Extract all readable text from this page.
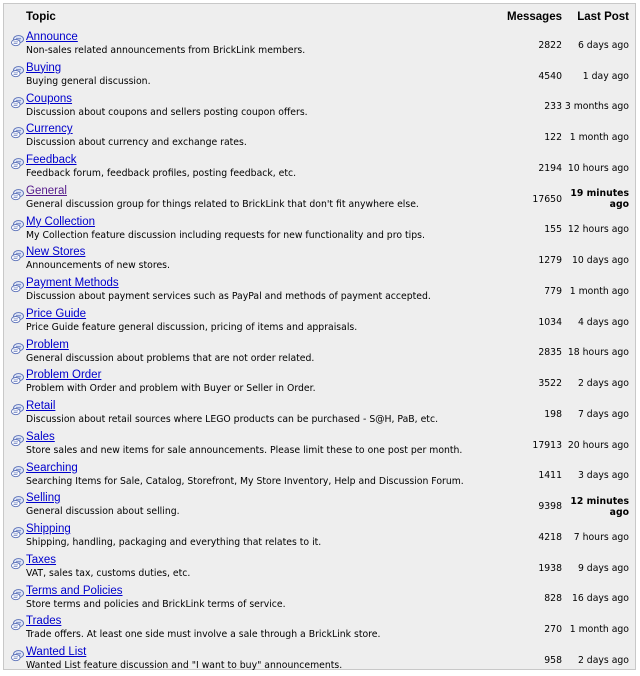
Topic	Messages	Last Post

Announce
Non-sales related announcements from BrickLink members.	2822	6 days ago

Buying
Buying general discussion.	4540	1 day ago

Coupons
Discussion about coupons and sellers posting coupon offers.	233	3 months ago

Currency
Discussion about currency and exchange rates.	122	1 month ago

Feedback
Feedback forum, feedback profiles, posting feedback, etc.	2194	10 hours ago

General
General discussion group for things related to BrickLink that don't fit anywhere else.	17650	19 minutes ago

My Collection
My Collection feature discussion including requests for new functionality and pro tips.	155	12 hours ago

New Stores
Announcements of new stores.	1279	10 days ago

Payment Methods
Discussion about payment services such as PayPal and methods of payment accepted.	779	1 month ago

Price Guide
Price Guide feature general discussion, pricing of items and appraisals.	1034	4 days ago

Problem
General discussion about problems that are not order related.	2835	18 hours ago

Problem Order
Problem with Order and problem with Buyer or Seller in Order.	3522	2 days ago

Retail
Discussion about retail sources where LEGO products can be purchased - S@H, PaB, etc.	198	7 days ago

Sales
Store sales and new items for sale announcements. Please limit these to one post per month.	17913	20 hours ago

Searching
Searching Items for Sale, Catalog, Storefront, My Store Inventory, Help and Discussion Forum.	1411	3 days ago

Selling
General discussion about selling.	9398	12 minutes ago

Shipping
Shipping, handling, packaging and everything that relates to it.	4218	7 hours ago

Taxes
VAT, sales tax, customs duties, etc.	1938	9 days ago

Terms and Policies
Store terms and policies and BrickLink terms of service.	828	16 days ago

Trades
Trade offers. At least one side must involve a sale through a BrickLink store.	270	1 month ago

Wanted List
Wanted List feature discussion and "I want to buy" announcements.	958	2 days ago
